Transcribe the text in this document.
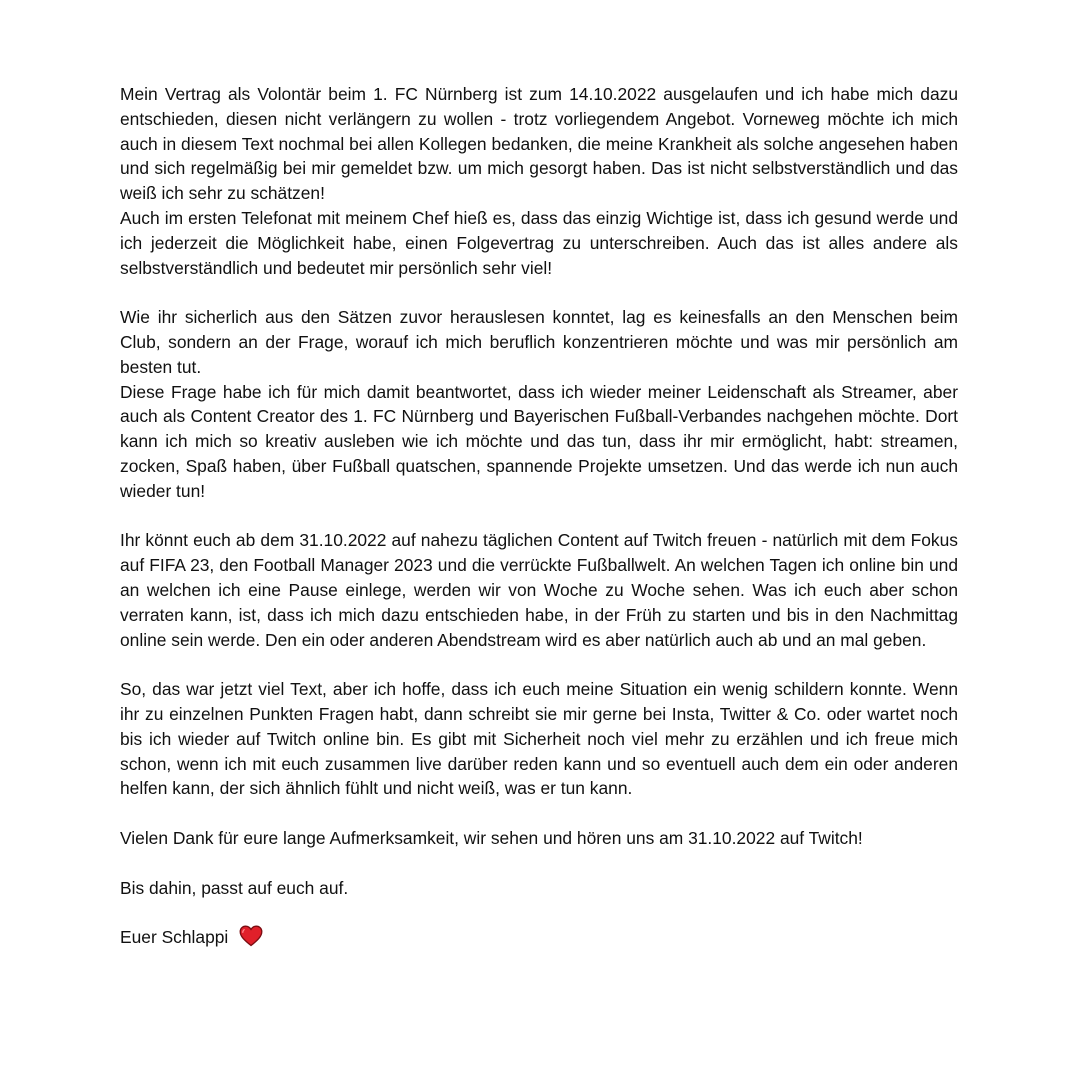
Mein Vertrag als Volontär beim 1. FC Nürnberg ist zum 14.10.2022 ausgelaufen und ich habe mich dazu entschieden, diesen nicht verlängern zu wollen - trotz vorliegendem Angebot. Vorneweg möchte ich mich auch in diesem Text nochmal bei allen Kollegen bedanken, die meine Krankheit als solche angesehen haben und sich regelmäßig bei mir gemeldet bzw. um mich gesorgt haben. Das ist nicht selbstverständlich und das weiß ich sehr zu schätzen!
Auch im ersten Telefonat mit meinem Chef hieß es, dass das einzig Wichtige ist, dass ich gesund werde und ich jederzeit die Möglichkeit habe, einen Folgevertrag zu unterschreiben. Auch das ist alles andere als selbstverständlich und bedeutet mir persönlich sehr viel!

Wie ihr sicherlich aus den Sätzen zuvor herauslesen konntet, lag es keinesfalls an den Menschen beim Club, sondern an der Frage, worauf ich mich beruflich konzentrieren möchte und was mir persönlich am besten tut.
Diese Frage habe ich für mich damit beantwortet, dass ich wieder meiner Leidenschaft als Streamer, aber auch als Content Creator des 1. FC Nürnberg und Bayerischen Fußball-Verbandes nachgehen möchte. Dort kann ich mich so kreativ ausleben wie ich möchte und das tun, dass ihr mir ermöglicht, habt: streamen, zocken, Spaß haben, über Fußball quatschen, spannende Projekte umsetzen. Und das werde ich nun auch wieder tun!

Ihr könnt euch ab dem 31.10.2022 auf nahezu täglichen Content auf Twitch freuen - natürlich mit dem Fokus auf FIFA 23, den Football Manager 2023 und die verrückte Fußballwelt. An welchen Tagen ich online bin und an welchen ich eine Pause einlege, werden wir von Woche zu Woche sehen. Was ich euch aber schon verraten kann, ist, dass ich mich dazu entschieden habe, in der Früh zu starten und bis in den Nachmittag online sein werde. Den ein oder anderen Abendstream wird es aber natürlich auch ab und an mal geben.

So, das war jetzt viel Text, aber ich hoffe, dass ich euch meine Situation ein wenig schildern konnte. Wenn ihr zu einzelnen Punkten Fragen habt, dann schreibt sie mir gerne bei Insta, Twitter & Co. oder wartet noch bis ich wieder auf Twitch online bin. Es gibt mit Sicherheit noch viel mehr zu erzählen und ich freue mich schon, wenn ich mit euch zusammen live darüber reden kann und so eventuell auch dem ein oder anderen helfen kann, der sich ähnlich fühlt und nicht weiß, was er tun kann.

Vielen Dank für eure lange Aufmerksamkeit, wir sehen und hören uns am 31.10.2022 auf Twitch!

Bis dahin, passt auf euch auf.

Euer Schlappi
